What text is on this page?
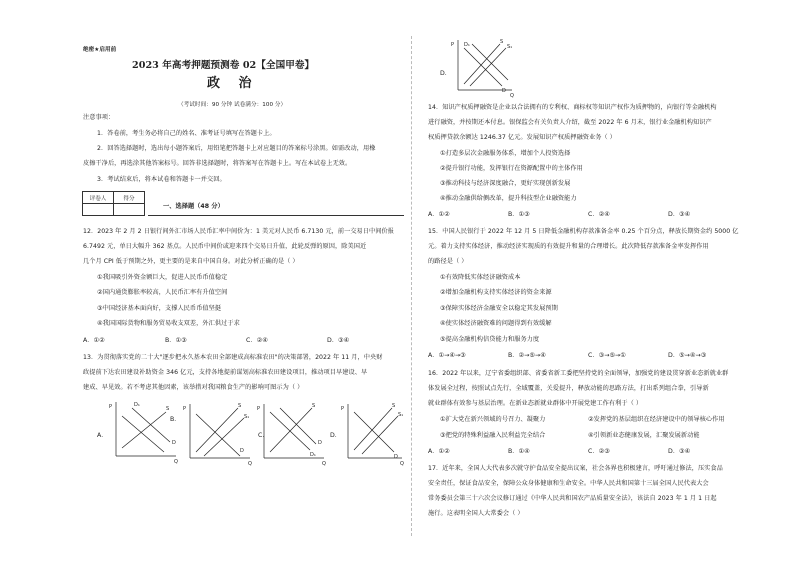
绝密★启用前
2023 年高考押题预测卷 02【全国甲卷】
政 治
（考试时间：90 分钟 试卷满分：100 分）
注意事项：
1．答卷前，考生务必将自己的姓名、准考证号填写在答题卡上。
2．回答选择题时，选出每小题答案后，用铅笔把答题卡上对应题目的答案标号涂黑。如需改动，用橡
皮擦干净后，再选涂其他答案标号。回答非选择题时，将答案写在答题卡上。写在本试卷上无效。
3．考试结束后，将本试卷和答题卡一并交回。
评卷人	得分

一、选择题（48 分）
12．2023 年 2 月 2 日银行间外汇市场人民币汇率中间价为：1 美元对人民币 6.7130 元，前一交易日中间价报
6.7492 元，单日大幅升 362 基点。人民币中间价或迎来四个交易日升值，此轮反弹的原因，除美国近
几个月 CPI 低于预期之外，更主要的是来自中国自身。对此分析正确的是（ ）
①我国吸引外资金额巨大，促进人民币币值稳定
②国内通货膨胀率较高，人民币汇率有升值空间
③中国经济基本面向好，支撑人民币币值坚挺
④我国国际货物和服务贸易收支双差，外汇供过于求
A．①②	B．①③	C．②④	D．③④
13．为贯彻落实党的二十大"逐步把永久基本农田全部建成高标准农田"的决策部署，2022 年 11 月，中央财
政提前下达农田建设补助资金 346 亿元，支持各地提前谋划高标准农田建设项目，推动项目早建设、早
建成、早见效。若不考虑其他因素，该举措对我国粮食生产的影响可图示为（ ）
A．
P
Q
S
D₁
D
B．
P
Q
S
S₁
D
P
Q
S
D₁
D
C．	D．
P
Q
S
S₁
D
D．
P
Q
D₁	S
S₁
D
14．知识产权质押融资是企业以合法拥有的专利权、商标权等知识产权作为质押物的，向银行等金融机构
进行融资，并按期还本付息。银保监会有关负责人介绍，截至 2022 年 6 月末，银行业金融机构知识产
权质押贷款余额达 1246.37 亿元。发展知识产权质押融资业务（ ）
①打造多层次金融服务体系，增加个人投资选择
②提升银行功能，发挥银行在资源配置中的主体作用
③推动科技与经济深度融合，更好实现创新发展
④推动金融供给侧改革，提升科技型企业融资能力
A．①②	B．①③	C．②④	D．③④
15．中国人民银行于 2022 年 12 月 5 日降低金融机构存款准备金率 0.25 个百分点，释放长期资金约 5000 亿
元。着力支持实体经济，推动经济实现质的有效提升和量的合理增长。此次降低存款准备金率发挥作用
的路径是（ ）
①有效降低实体经济融资成本
②增加金融机构支持实体经济的资金来源
③保障实体经济金融安全以稳定其发展预期
④使实体经济融资难的问题得到有效缓解
⑤提高金融机构信贷能力和服务力度
A．①→④→③	B．②→⑤→④	C．③→⑤→①	D．⑤→④→③
16．2022 年以来，辽宁省委组织部、省委省新工委把坚持党的全面领导，加强党的建设贯穿新业态新就业群
体发展全过程，按照试点先行，全域覆盖，关爱提升，释放动能的思路方法，打出系列组合拳，引导新
就业群体有效参与基层治理。在新业态新就业群体中开展党建工作有利于（ ）
①扩大党在新兴领域的号召力、凝聚力	②发挥党的基层组织在经济建设中的领导核心作用
③把党的特殊利益融入民利益完全结合	④引领新业态健康发展，汇聚发展新动能
A．①②	B．①④	C．②③	D．③④
17．近年来，全国人大代表多次就守护食品安全提出议案，社会各界也积极建言，呼吁通过修法，压实食品
安全责任，保证食品安全，保障公众身体健康和生命安全。中华人民共和国第十三届全国人民代表大会
常务委员会第三十六次会议修订通过《中华人民共和国农产品质量安全法》，该法自 2023 年 1 月 1 日起
施行。这表明全国人大常委会（ ）
